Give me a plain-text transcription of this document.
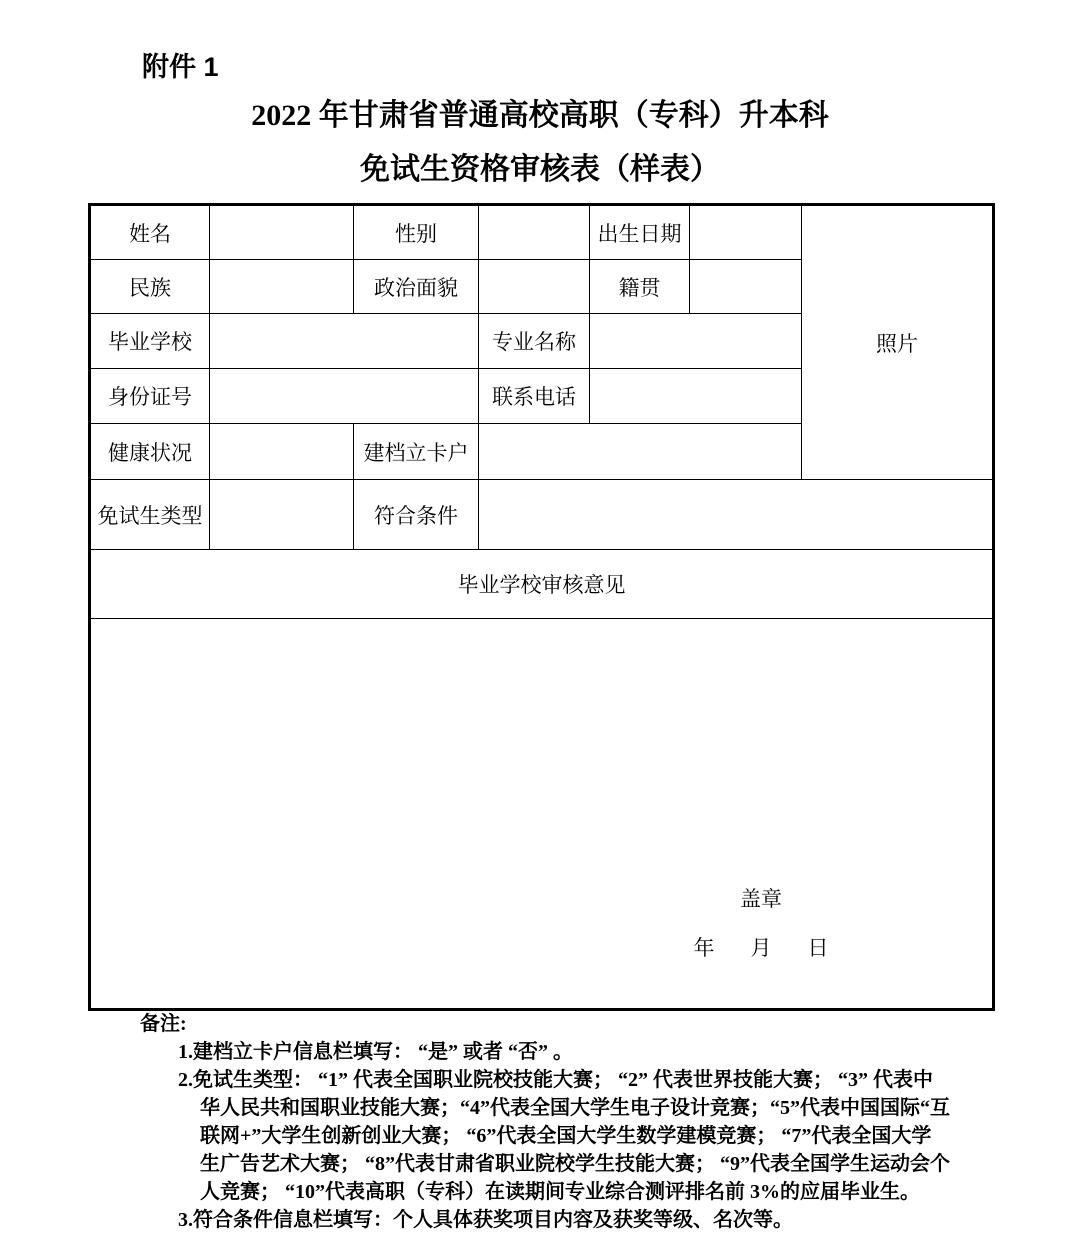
附件 1
2022 年甘肃省普通高校高职（专科）升本科
免试生资格审核表（样表）
姓名		性别		出生日期		照片
民族		政治面貌		籍贯		
毕业学校			专业名称			
身份证号			联系电话			
健康状况		建档立卡户				
免试生类型		符合条件				
毕业学校审核意见						

盖章
年 月 日						
备注:
1.建档立卡户信息栏填写： “是” 或者 “否” 。
2.免试生类型： “1” 代表全国职业院校技能大赛； “2” 代表世界技能大赛； “3” 代表中
华人民共和国职业技能大赛；“4”代表全国大学生电子设计竞赛；“5”代表中国国际“互
联网+”大学生创新创业大赛； “6”代表全国大学生数学建模竞赛； “7”代表全国大学
生广告艺术大赛； “8”代表甘肃省职业院校学生技能大赛； “9”代表全国学生运动会个
人竞赛； “10”代表高职（专科）在读期间专业综合测评排名前 3%的应届毕业生。
3.符合条件信息栏填写：个人具体获奖项目内容及获奖等级、名次等。
